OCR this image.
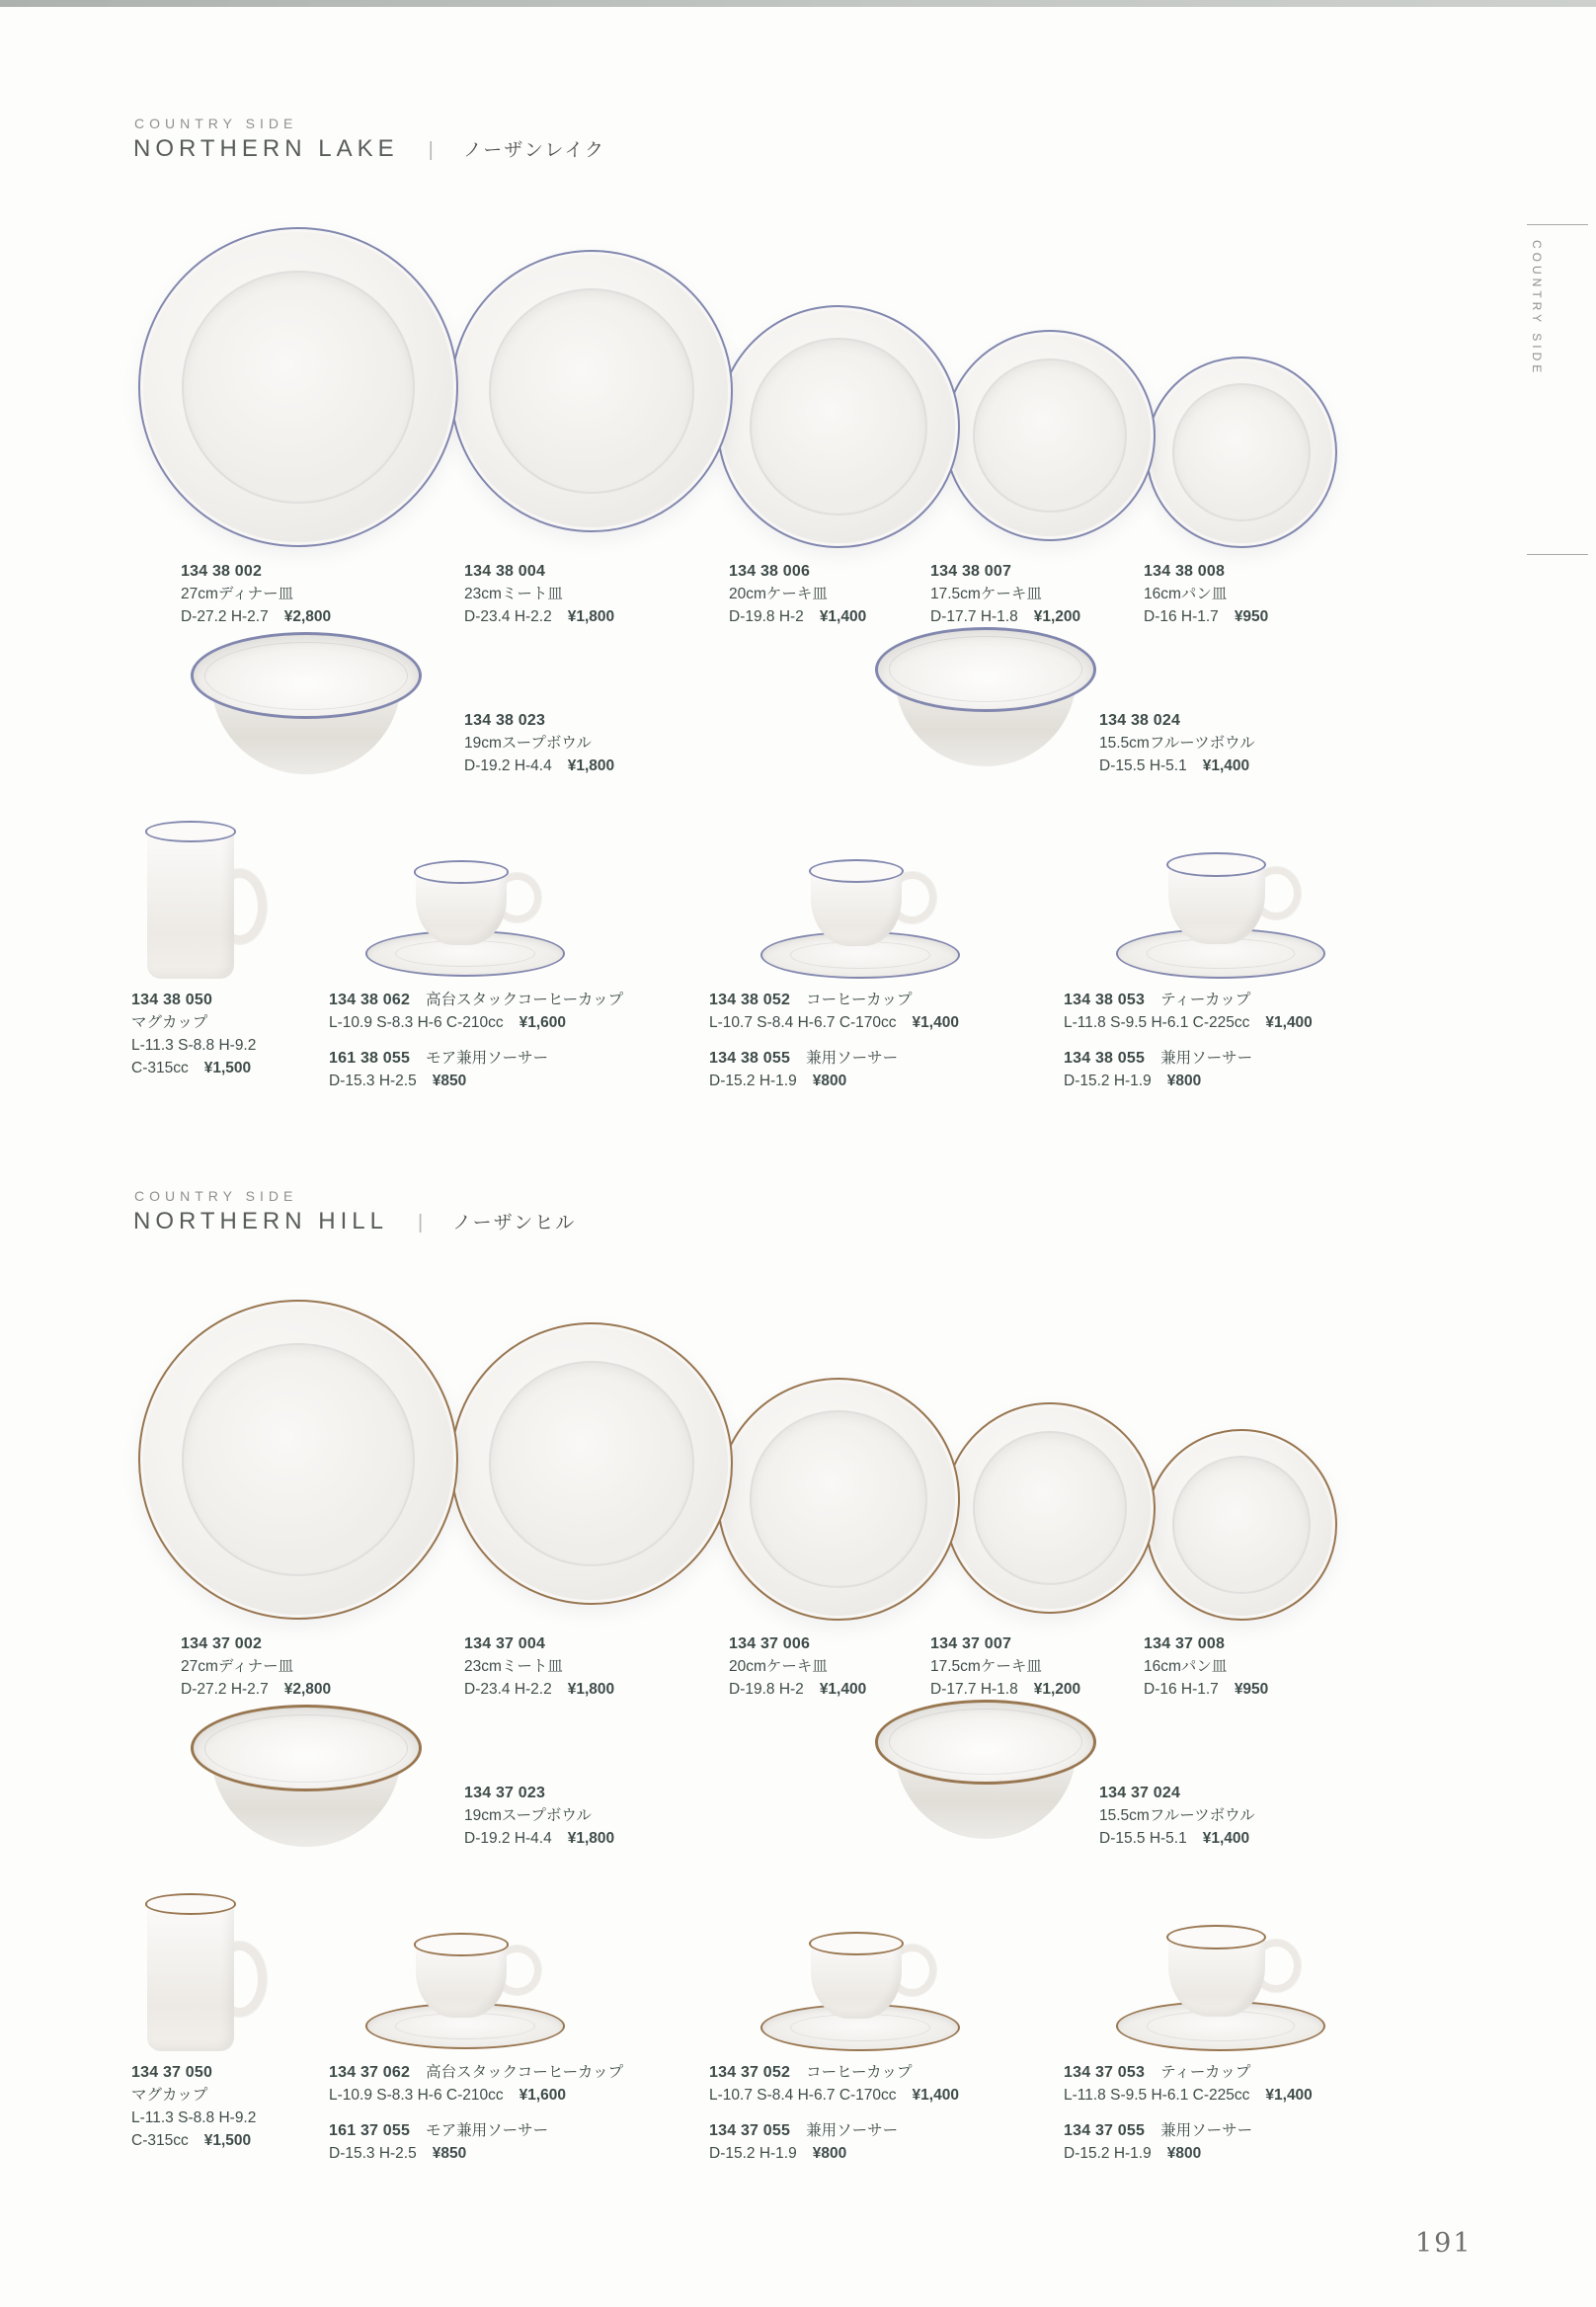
COUNTRY SIDE
COUNTRY SIDE
NORTHERN LAKE | ノーザンレイク
134 38 002
27cmディナー皿
D-27.2 H-2.7 ¥2,800
134 38 004
23cmミート皿
D-23.4 H-2.2 ¥1,800
134 38 006
20cmケーキ皿
D-19.8 H-2 ¥1,400
134 38 007
17.5cmケーキ皿
D-17.7 H-1.8 ¥1,200
134 38 008
16cmパン皿
D-16 H-1.7 ¥950
134 38 023
19cmスープボウル
D-19.2 H-4.4 ¥1,800
134 38 024
15.5cmフルーツボウル
D-15.5 H-5.1 ¥1,400
134 38 050
マグカップ
L-11.3 S-8.8 H-9.2
C-315cc ¥1,500
134 38 062 高台スタックコーヒーカップ
L-10.9 S-8.3 H-6 C-210cc ¥1,600
161 38 055 モア兼用ソーサー
D-15.3 H-2.5 ¥850
134 38 052 コーヒーカップ
L-10.7 S-8.4 H-6.7 C-170cc ¥1,400
134 38 055 兼用ソーサー
D-15.2 H-1.9 ¥800
134 38 053 ティーカップ
L-11.8 S-9.5 H-6.1 C-225cc ¥1,400
134 38 055 兼用ソーサー
D-15.2 H-1.9 ¥800
COUNTRY SIDE
NORTHERN HILL | ノーザンヒル
134 37 002
27cmディナー皿
D-27.2 H-2.7 ¥2,800
134 37 004
23cmミート皿
D-23.4 H-2.2 ¥1,800
134 37 006
20cmケーキ皿
D-19.8 H-2 ¥1,400
134 37 007
17.5cmケーキ皿
D-17.7 H-1.8 ¥1,200
134 37 008
16cmパン皿
D-16 H-1.7 ¥950
134 37 023
19cmスープボウル
D-19.2 H-4.4 ¥1,800
134 37 024
15.5cmフルーツボウル
D-15.5 H-5.1 ¥1,400
134 37 050
マグカップ
L-11.3 S-8.8 H-9.2
C-315cc ¥1,500
134 37 062 高台スタックコーヒーカップ
L-10.9 S-8.3 H-6 C-210cc ¥1,600
161 37 055 モア兼用ソーサー
D-15.3 H-2.5 ¥850
134 37 052 コーヒーカップ
L-10.7 S-8.4 H-6.7 C-170cc ¥1,400
134 37 055 兼用ソーサー
D-15.2 H-1.9 ¥800
134 37 053 ティーカップ
L-11.8 S-9.5 H-6.1 C-225cc ¥1,400
134 37 055 兼用ソーサー
D-15.2 H-1.9 ¥800
191
